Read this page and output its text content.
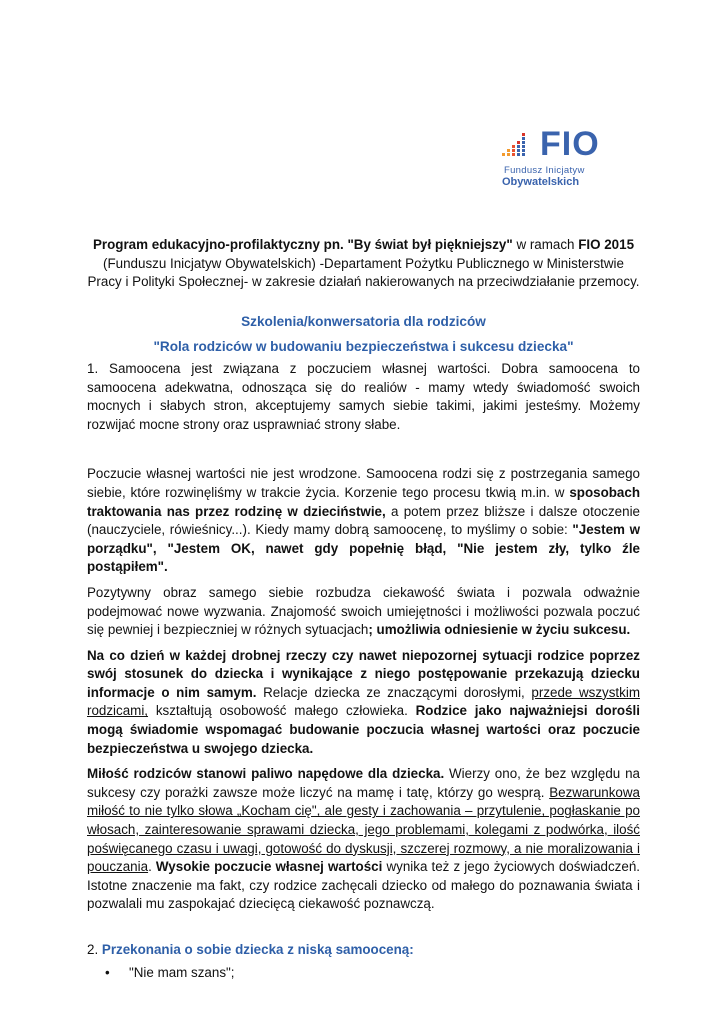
FIO
Fundusz Inicjatyw
Obywatelskich

Program edukacyjno-profilaktyczny pn. "By świat był piękniejszy" w ramach FIO 2015
(Funduszu Inicjatyw Obywatelskich) -Departament Pożytku Publicznego w Ministerstwie Pracy i Polityki Społecznej- w zakresie działań nakierowanych na przeciwdziałanie przemocy.

Szkolenia/konwersatoria dla rodziców

"Rola rodziców w budowaniu bezpieczeństwa i sukcesu dziecka"

1. Samoocena jest związana z poczuciem własnej wartości. Dobra samoocena to samoocena adekwatna, odnosząca się do realiów - mamy wtedy świadomość swoich mocnych i słabych stron, akceptujemy samych siebie takimi, jakimi jesteśmy. Możemy rozwijać mocne strony oraz usprawniać strony słabe.

Poczucie własnej wartości nie jest wrodzone. Samoocena rodzi się z postrzegania samego siebie, które rozwinęliśmy w trakcie życia. Korzenie tego procesu tkwią m.in. w sposobach traktowania nas przez rodzinę w dzieciństwie, a potem przez bliższe i dalsze otoczenie (nauczyciele, rówieśnicy...). Kiedy mamy dobrą samoocenę, to myślimy o sobie: "Jestem w porządku", "Jestem OK, nawet gdy popełnię błąd, "Nie jestem zły, tylko źle postąpiłem".

Pozytywny obraz samego siebie rozbudza ciekawość świata i pozwala odważnie podejmować nowe wyzwania. Znajomość swoich umiejętności i możliwości pozwala poczuć się pewniej i bezpieczniej w różnych sytuacjach; umożliwia odniesienie w życiu sukcesu.

Na co dzień w każdej drobnej rzeczy czy nawet niepozornej sytuacji rodzice poprzez swój stosunek do dziecka i wynikające z niego postępowanie przekazują dziecku informacje o nim samym. Relacje dziecka ze znaczącymi dorosłymi, przede wszystkim rodzicami, kształtują osobowość małego człowieka. Rodzice jako najważniejsi dorośli mogą świadomie wspomagać budowanie poczucia własnej wartości oraz poczucie bezpieczeństwa u swojego dziecka.

Miłość rodziców stanowi paliwo napędowe dla dziecka. Wierzy ono, że bez względu na sukcesy czy porażki zawsze może liczyć na mamę i tatę, którzy go wesprą. Bezwarunkowa miłość to nie tylko słowa „Kocham cię", ale gesty i zachowania – przytulenie, pogłaskanie po włosach, zainteresowanie sprawami dziecka, jego problemami, kolegami z podwórka, ilość poświęcanego czasu i uwagi, gotowość do dyskusji, szczerej rozmowy, a nie moralizowania i pouczania. Wysokie poczucie własnej wartości wynika też z jego życiowych doświadczeń. Istotne znaczenie ma fakt, czy rodzice zachęcali dziecko od małego do poznawania świata i pozwalali mu zaspokajać dziecięcą ciekawość poznawczą.

2. Przekonania o sobie dziecka z niską samooceną:

• "Nie mam szans";
